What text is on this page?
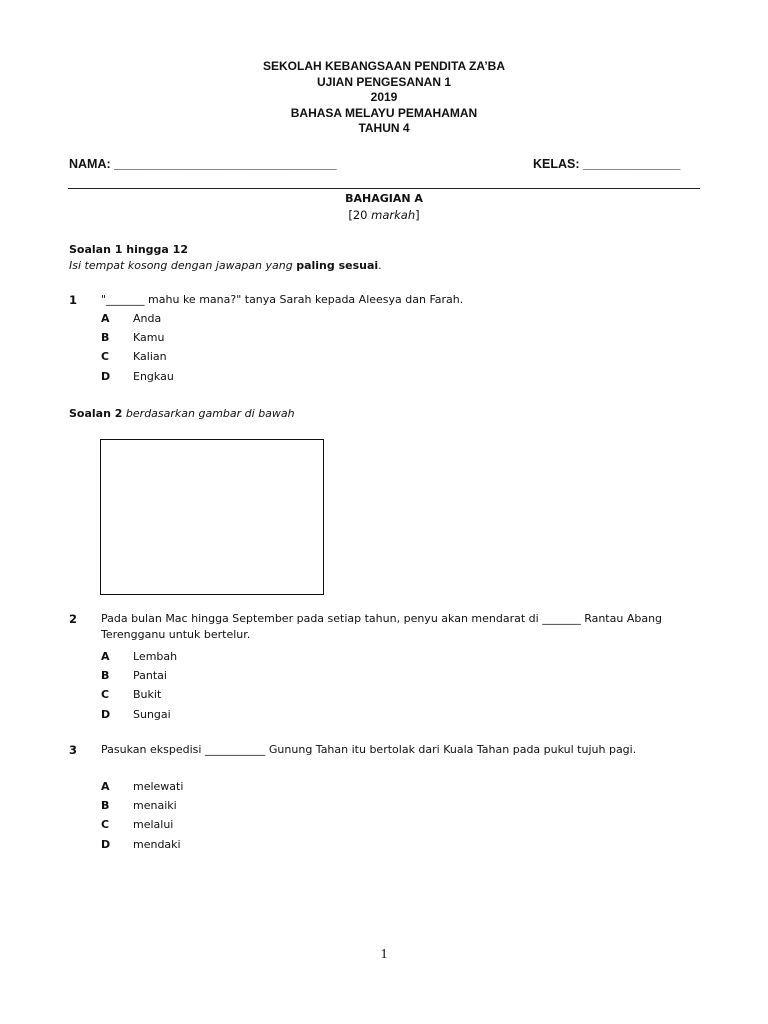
SEKOLAH KEBANGSAAN PENDITA ZA’BA
UJIAN PENGESANAN 1
2019
BAHASA MELAYU PEMAHAMAN
TAHUN 4
NAMA: ________________________________	KELAS: ______________
BAHAGIAN A
[20 markah]
Soalan 1 hingga 12
Isi tempat kosong dengan jawapan yang paling sesuai.
1 "_______ mahu ke mana?" tanya Sarah kepada Aleesya dan Farah.
A Anda
B Kamu
C Kalian
D Engkau
Soalan 2 berdasarkan gambar di bawah
2 Pada bulan Mac hingga September pada setiap tahun, penyu akan mendarat di _______ Rantau Abang Terengganu untuk bertelur.
A Lembah
B Pantai
C Bukit
D Sungai
3 Pasukan ekspedisi ___________ Gunung Tahan itu bertolak dari Kuala Tahan pada pukul tujuh pagi.
A melewati
B menaiki
C melalui
D mendaki
1
